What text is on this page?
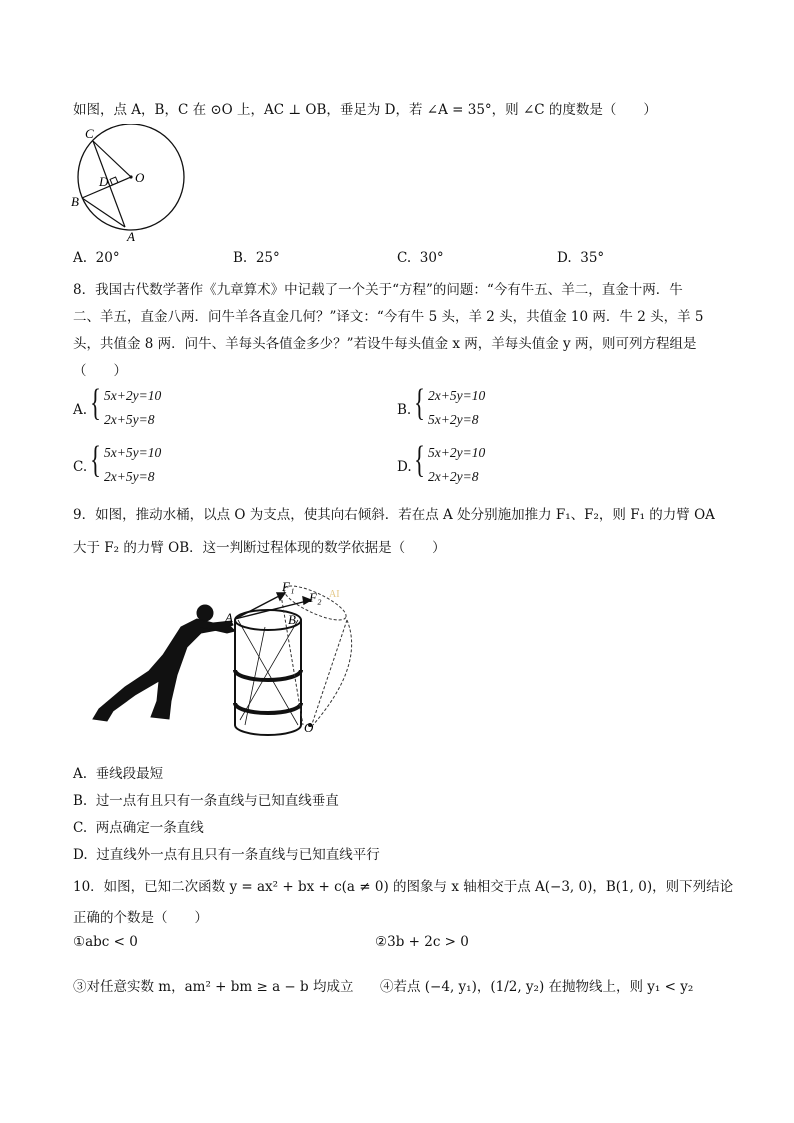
如图，点 A，B，C 在 ⊙O 上，AC ⊥ OB，垂足为 D，若 ∠A = 35°，则 ∠C 的度数是（　　）
C
D O
B
A
A. 20°	B. 25°	C. 30°	D. 35°
8．我国古代数学著作《九章算术》中记载了一个关于“方程”的问题：“今有牛五、羊二，直金十两．牛
二、羊五，直金八两．问牛羊各直金几何？”译文：“今有牛 5 头，羊 2 头，共值金 10 两．牛 2 头，羊 5
头，共值金 8 两．问牛、羊每头各值金多少？”若设牛每头值金 x 两，羊每头值金 y 两，则可列方程组是
（　　）
A. { 5x+2y=10
2x+5y=8
B. { 2x+5y=10
5x+2y=8
C. { 5x+5y=10
2x+5y=8
D. { 5x+2y=10
2x+2y=8
9．如图，推动水桶，以点 O 为支点，使其向右倾斜．若在点 A 处分别施加推力 F₁、F₂，则 F₁ 的力臂 OA
大于 F₂ 的力臂 OB．这一判断过程体现的数学依据是（　　）
F₁
F₂ AI
A	B
O
A. 垂线段最短
B. 过一点有且只有一条直线与已知直线垂直
C. 两点确定一条直线
D. 过直线外一点有且只有一条直线与已知直线平行
10．如图，已知二次函数 y = ax² + bx + c(a ≠ 0) 的图象与 x 轴相交于点 A(−3, 0)，B(1, 0)，则下列结论
正确的个数是（　　）
①abc < 0	②3b + 2c > 0
③对任意实数 m，am² + bm ≥ a − b 均成立 ④若点 (−4, y₁)，(1/2, y₂) 在抛物线上，则 y₁ < y₂
